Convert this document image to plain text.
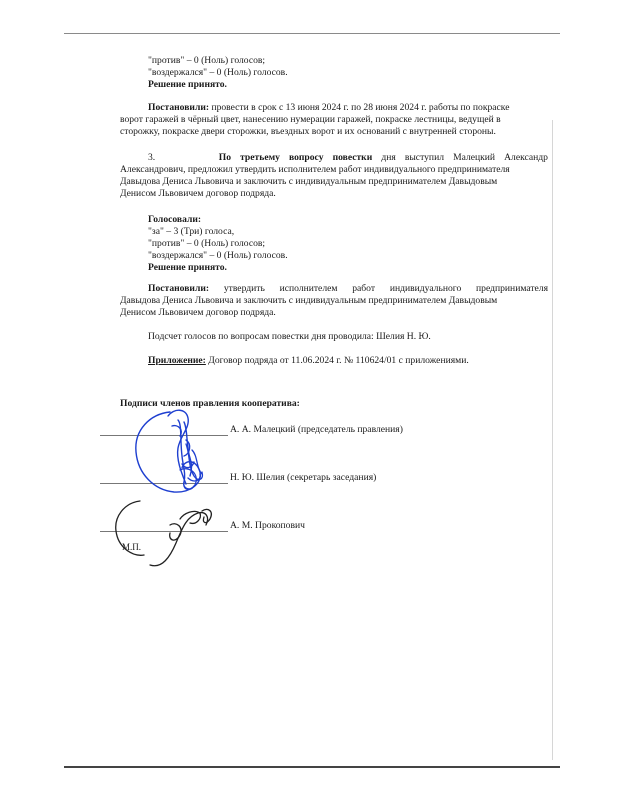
"против" – 0 (Ноль) голосов;
"воздержался" – 0 (Ноль) голосов.
Решение принято.
Постановили: провести в срок с 13 июня 2024 г. по 28 июня 2024 г. работы по покраске
ворот гаражей в чёрный цвет, нанесению нумерации гаражей, покраске лестницы, ведущей в
сторожку, покраске двери сторожки, въездных ворот и их оснований с внутренней стороны.
3.	По третьему вопросу повестки дня выступил Малецкий Александр
Александрович, предложил утвердить исполнителем работ индивидуального предпринимателя
Давыдова Дениса Львовича и заключить с индивидуальным предпринимателем Давыдовым
Денисом Львовичем договор подряда.
Голосовали:
"за" – 3 (Три) голоса,
"против" – 0 (Ноль) голосов;
"воздержался" – 0 (Ноль) голосов.
Решение принято.
Постановили: утвердить исполнителем работ индивидуального предпринимателя
Давыдова Дениса Львовича и заключить с индивидуальным предпринимателем Давыдовым
Денисом Львовичем договор подряда.
Подсчет голосов по вопросам повестки дня проводила: Шелия Н. Ю.
Приложение: Договор подряда от 11.06.2024 г. № 110624/01 с приложениями.
Подписи членов правления кооператива:
А. А. Малецкий (председатель правления)
Н. Ю. Шелия (секретарь заседания)
А. М. Прокопович
М.П.
